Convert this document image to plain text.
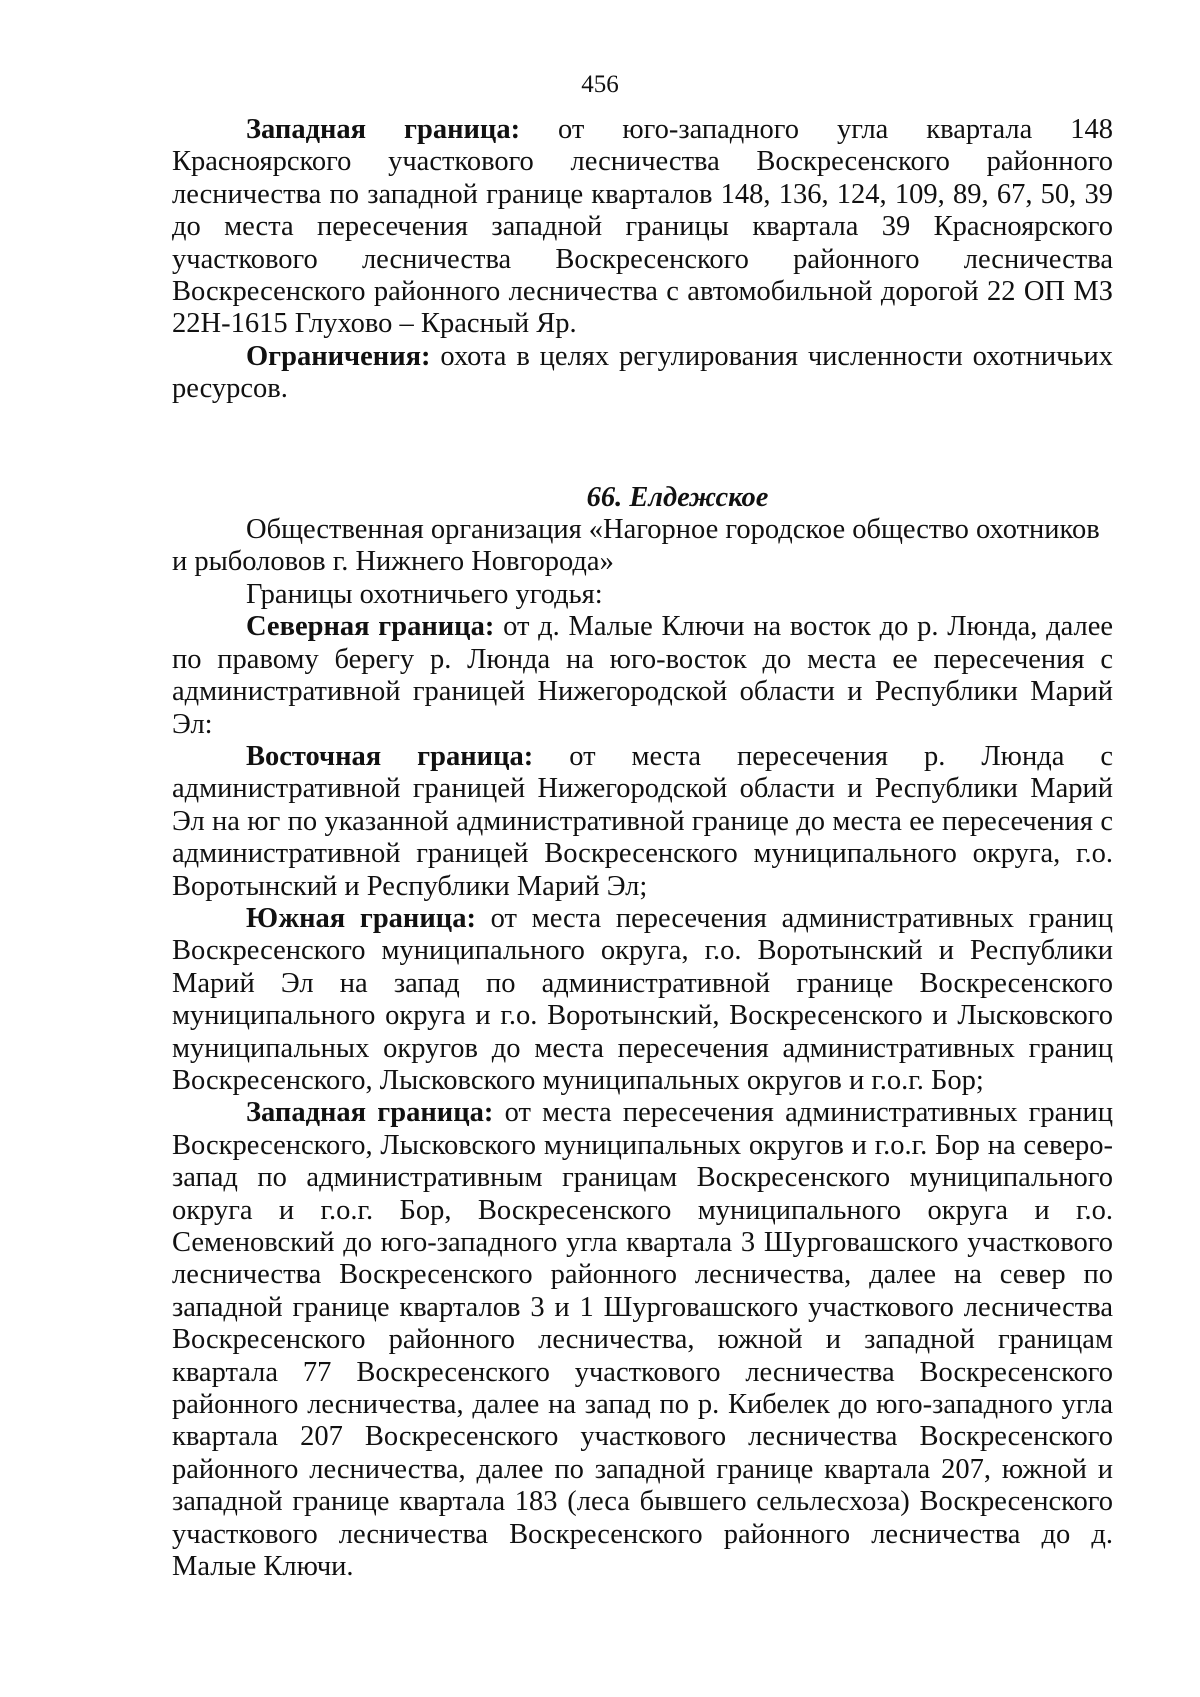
456

Западная граница: от юго-западного угла квартала 148 Красноярского участкового лесничества Воскресенского районного лесничества по западной границе кварталов 148, 136, 124, 109, 89, 67, 50, 39 до места пересечения западной границы квартала 39 Красноярского участкового лесничества Воскресенского районного лесничества Воскресенского районного лесничества с автомобильной дорогой 22 ОП МЗ 22Н-1615 Глухово – Красный Яр.

Ограничения: охота в целях регулирования численности охотничьих ресурсов.

66. Елдежское

Общественная организация «Нагорное городское общество охотников и рыболовов г. Нижнего Новгорода»

Границы охотничьего угодья:

Северная граница: от д. Малые Ключи на восток до р. Люнда, далее по правому берегу р. Люнда на юго-восток до места ее пересечения с административной границей Нижегородской области и Республики Марий Эл:

Восточная граница: от места пересечения р. Люнда с административной границей Нижегородской области и Республики Марий Эл на юг по указанной административной границе до места ее пересечения с административной границей Воскресенского муниципального округа, г.о. Воротынский и Республики Марий Эл;

Южная граница: от места пересечения административных границ Воскресенского муниципального округа, г.о. Воротынский и Республики Марий Эл на запад по административной границе Воскресенского муниципального округа и г.о. Воротынский, Воскресенского и Лысковского муниципальных округов до места пересечения административных границ Воскресенского, Лысковского муниципальных округов и г.о.г. Бор;

Западная граница: от места пересечения административных границ Воскресенского, Лысковского муниципальных округов и г.о.г. Бор на северо-запад по административным границам Воскресенского муниципального округа и г.о.г. Бор, Воскресенского муниципального округа и г.о. Семеновский до юго-западного угла квартала 3 Шурговашского участкового лесничества Воскресенского районного лесничества, далее на север по западной границе кварталов 3 и 1 Шурговашского участкового лесничества Воскресенского районного лесничества, южной и западной границам квартала 77 Воскресенского участкового лесничества Воскресенского районного лесничества, далее на запад по р. Кибелек до юго-западного угла квартала 207 Воскресенского участкового лесничества Воскресенского районного лесничества, далее по западной границе квартала 207, южной и западной границе квартала 183 (леса бывшего сельлесхоза) Воскресенского участкового лесничества Воскресенского районного лесничества до д. Малые Ключи.
